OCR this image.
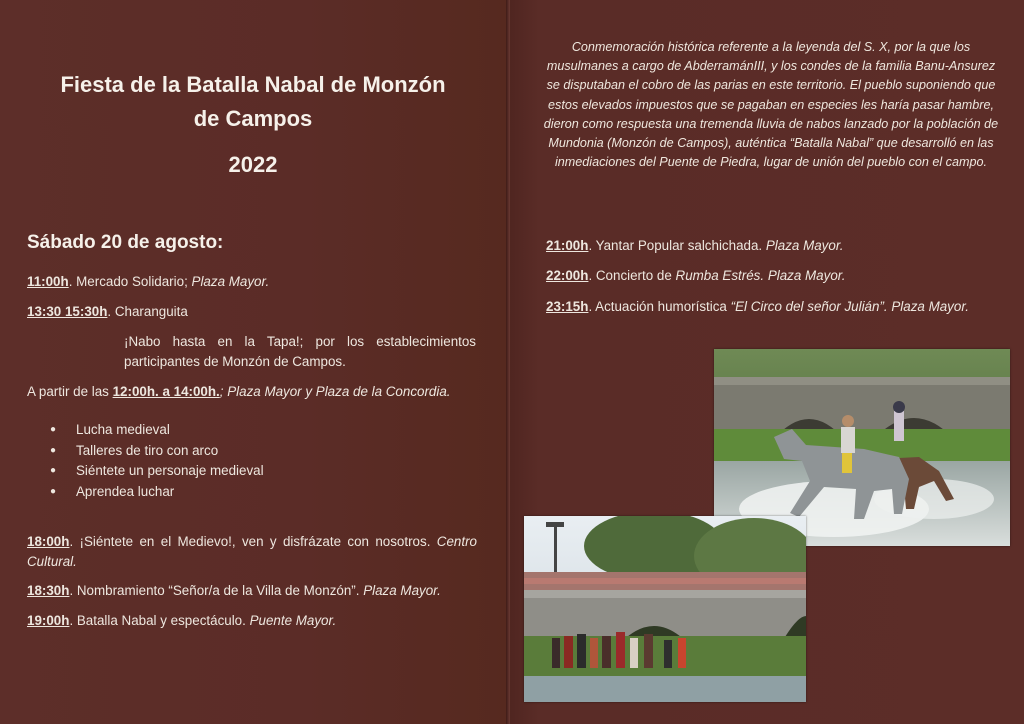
Fiesta de la Batalla Nabal de Monzón
de Campos
2022
Sábado 20 de agosto:
11:00h. Mercado Solidario; Plaza Mayor.
13:30 15:30h. Charanguita
¡Nabo hasta en la Tapa!; por los establecimientos participantes de Monzón de Campos.
A partir de las 12:00h. a 14:00h.; Plaza Mayor y Plaza de la Concordia.
● Lucha medieval
● Talleres de tiro con arco
● Siéntete un personaje medieval
● Aprendea luchar
18:00h. ¡Siéntete en el Medievo!, ven y disfrázate con nosotros. Centro Cultural.
18:30h. Nombramiento “Señor/a de la Villa de Monzón”. Plaza Mayor.
19:00h. Batalla Nabal y espectáculo. Puente Mayor.
Conmemoración histórica referente a la leyenda del S. X, por la que los musulmanes a cargo de AbderramánIII, y los condes de la familia Banu-Ansurez se disputaban el cobro de las parias en este territorio. El pueblo suponiendo que estos elevados impuestos que se pagaban en especies les haría pasar hambre, dieron como respuesta una tremenda lluvia de nabos lanzado por la población de Mundonia (Monzón de Campos), auténtica “Batalla Nabal” que desarrolló en las inmediaciones del Puente de Piedra, lugar de unión del pueblo con el campo.
21:00h. Yantar Popular salchichada. Plaza Mayor.
22:00h. Concierto de Rumba Estrés. Plaza Mayor.
23:15h. Actuación humorística “El Circo del señor Julián”. Plaza Mayor.
